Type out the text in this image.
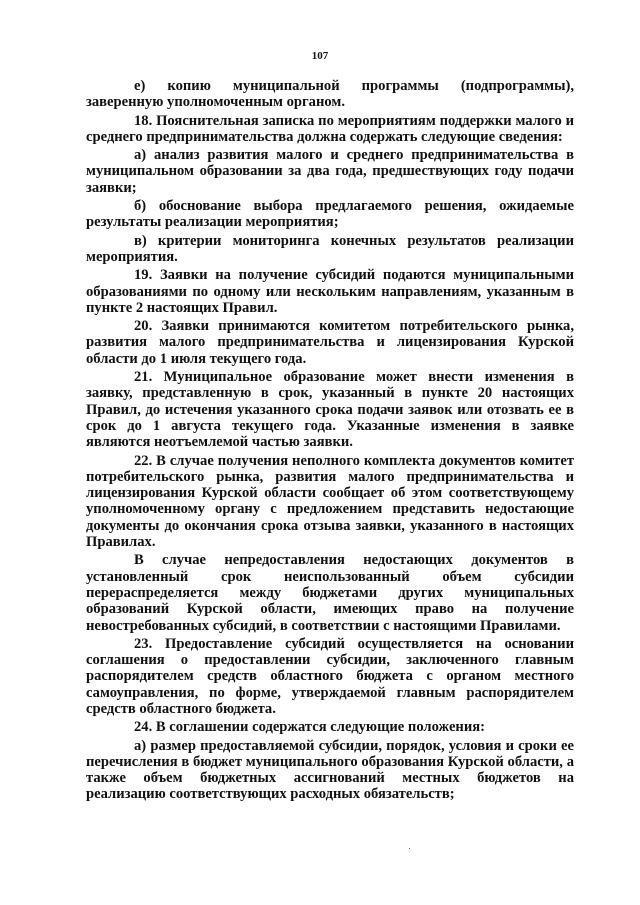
107

е) копию муниципальной программы (подпрограммы), заверенную уполномоченным органом.

18. Пояснительная записка по мероприятиям поддержки малого и среднего предпринимательства должна содержать следующие сведения:

а) анализ развития малого и среднего предпринимательства в муниципальном образовании за два года, предшествующих году подачи заявки;

б) обоснование выбора предлагаемого решения, ожидаемые результаты реализации мероприятия;

в) критерии мониторинга конечных результатов реализации мероприятия.

19. Заявки на получение субсидий подаются муниципальными образованиями по одному или нескольким направлениям, указанным в пункте 2 настоящих Правил.

20. Заявки принимаются комитетом потребительского рынка, развития малого предпринимательства и лицензирования Курской области до 1 июля текущего года.

21. Муниципальное образование может внести изменения в заявку, представленную в срок, указанный в пункте 20 настоящих Правил, до истечения указанного срока подачи заявок или отозвать ее в срок до 1 августа текущего года. Указанные изменения в заявке являются неотъемлемой частью заявки.

22. В случае получения неполного комплекта документов комитет потребительского рынка, развития малого предпринимательства и лицензирования Курской области сообщает об этом соответствующему уполномоченному органу с предложением представить недостающие документы до окончания срока отзыва заявки, указанного в настоящих Правилах.

В случае непредоставления недостающих документов в установленный срок неиспользованный объем субсидии перераспределяется между бюджетами других муниципальных образований Курской области, имеющих право на получение невостребованных субсидий, в соответствии с настоящими Правилами.

23. Предоставление субсидий осуществляется на основании соглашения о предоставлении субсидии, заключенного главным распорядителем средств областного бюджета с органом местного самоуправления, по форме, утверждаемой главным распорядителем средств областного бюджета.

24. В соглашении содержатся следующие положения:

а) размер предоставляемой субсидии, порядок, условия и сроки ее перечисления в бюджет муниципального образования Курской области, а также объем бюджетных ассигнований местных бюджетов на реализацию соответствующих расходных обязательств;
